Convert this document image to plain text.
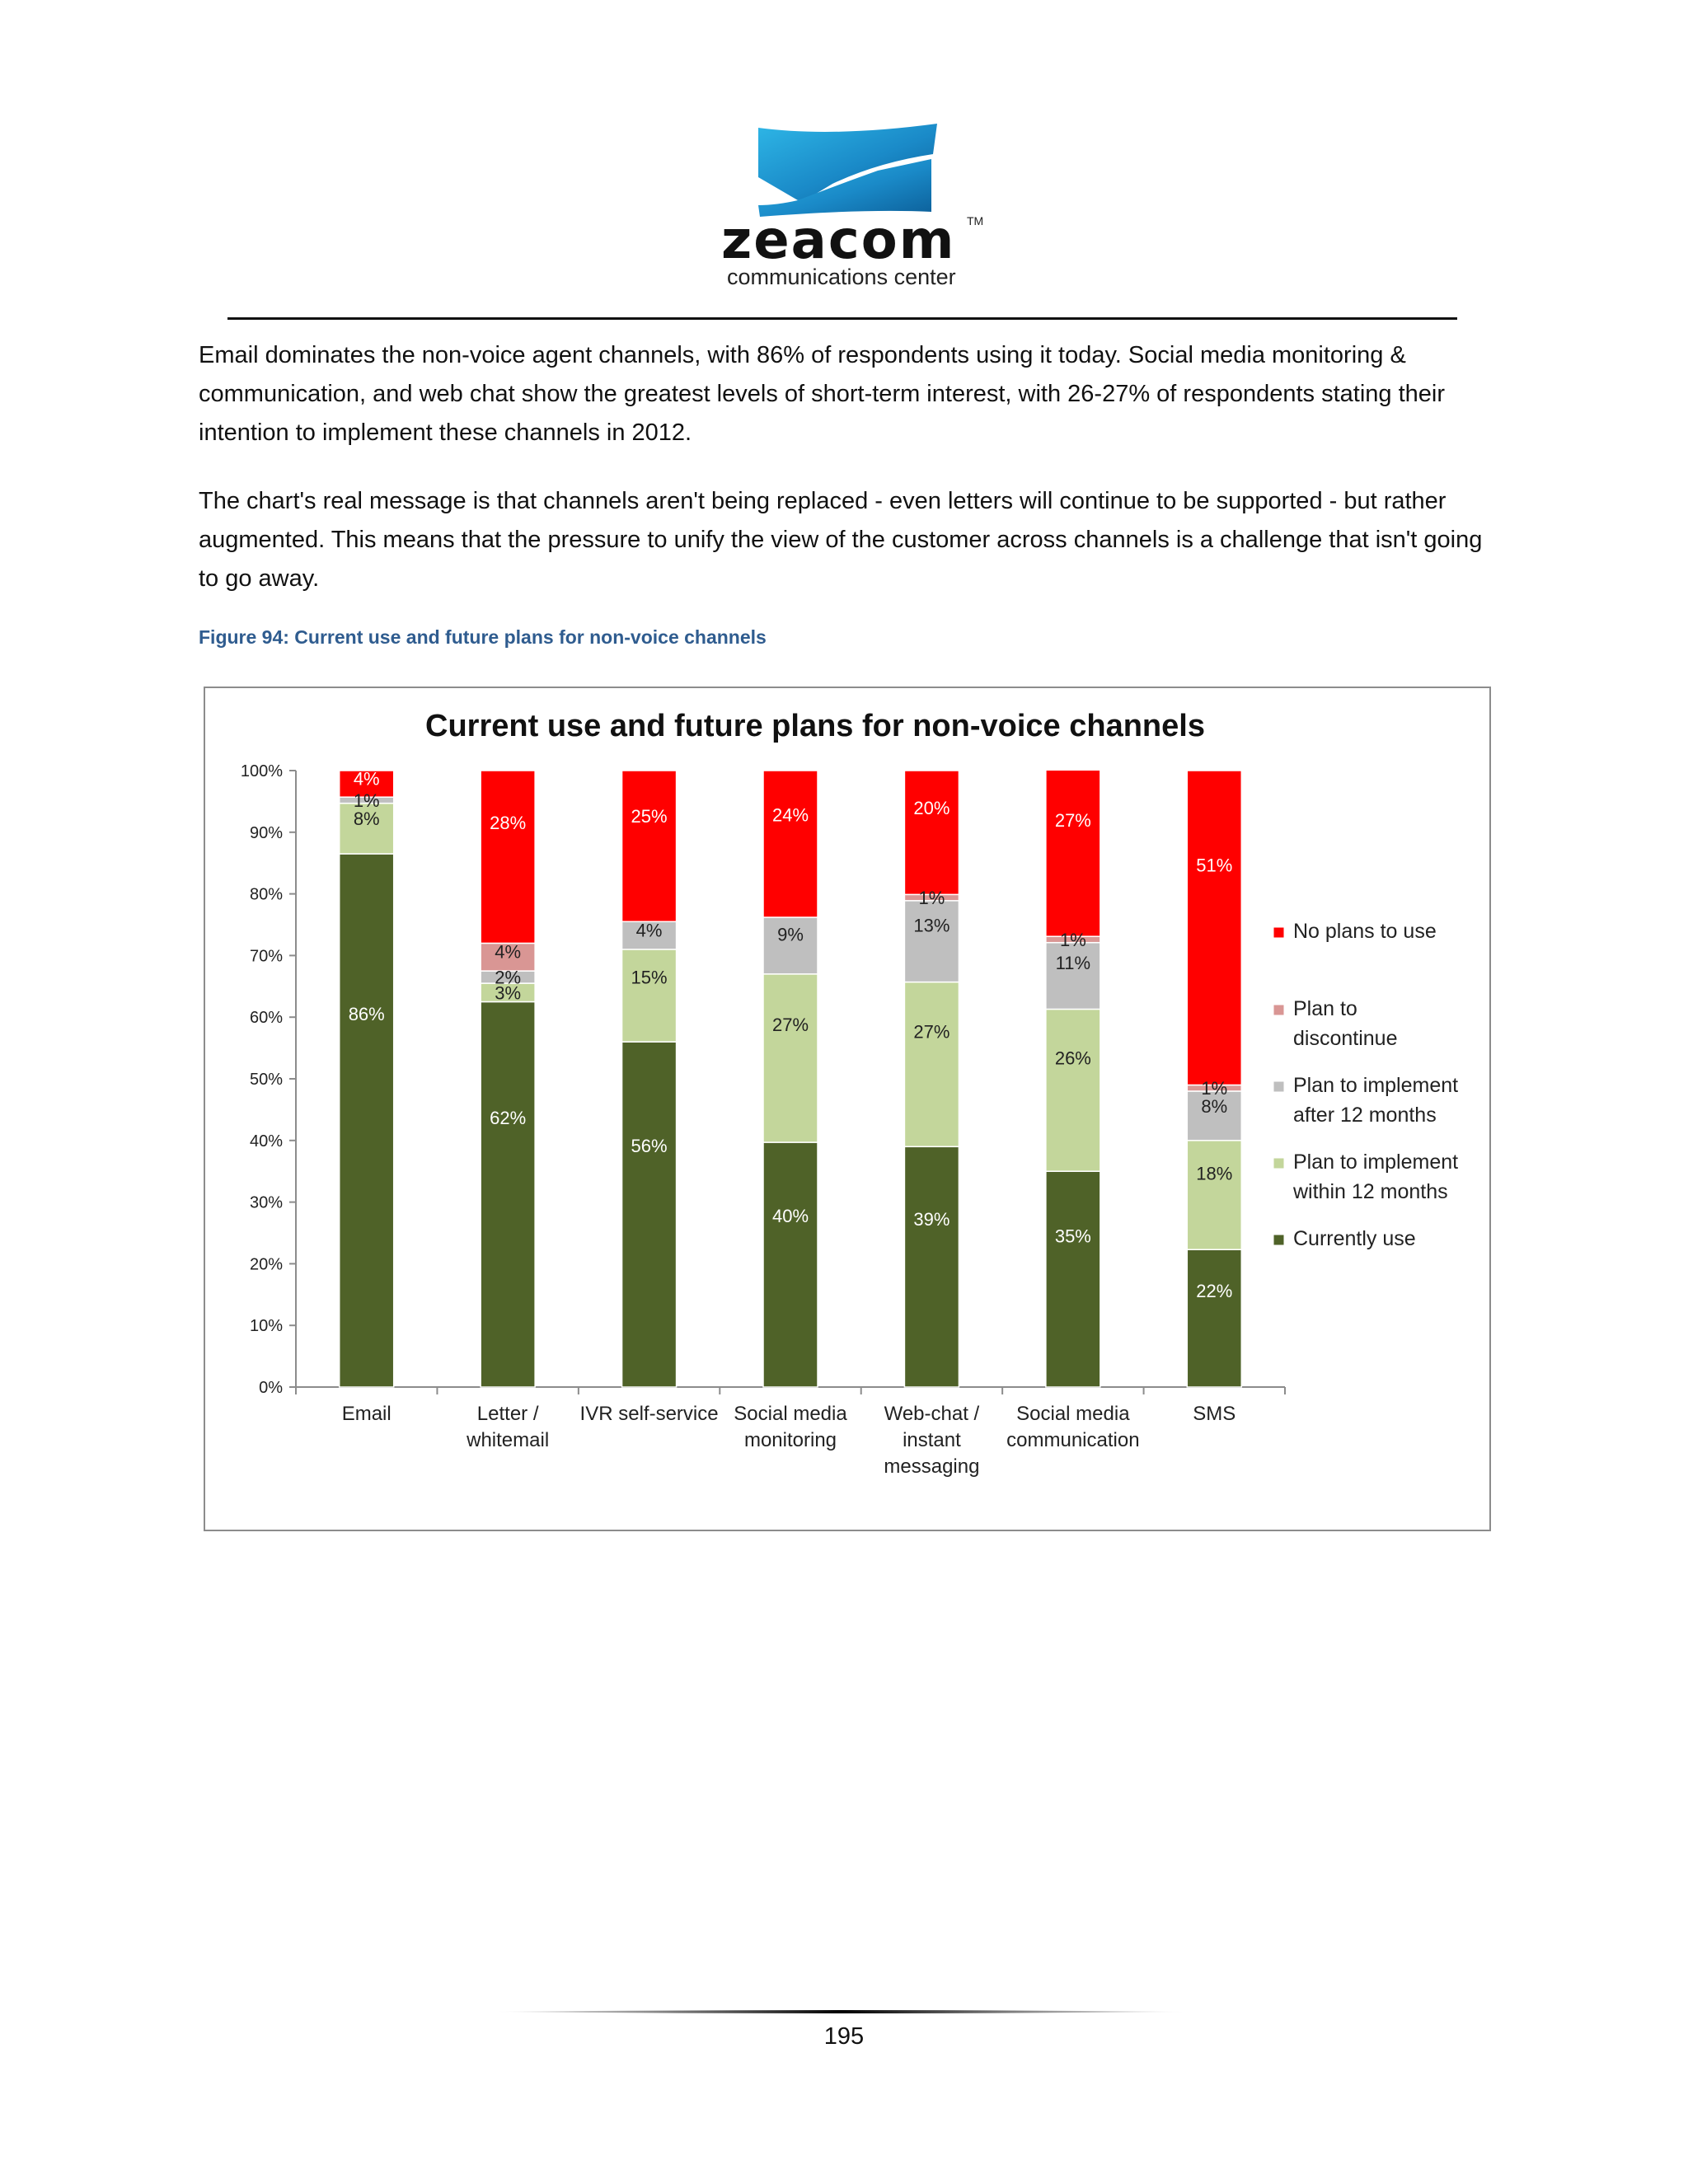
zeacom TM
communications center

Email dominates the non-voice agent channels, with 86% of respondents using it today. Social media monitoring & communication, and web chat show the greatest levels of short-term interest, with 26-27% of respondents stating their intention to implement these channels in 2012.

The chart's real message is that channels aren't being replaced - even letters will continue to be supported - but rather augmented. This means that the pressure to unify the view of the customer across channels is a challenge that isn't going to go away.

Figure 94: Current use and future plans for non-voice channels
Current use and future plans for non-voice channels
0%
10%
20%
30%
40%
50%
60%
70%
80%
90%
100%
86%
8%
1%
4%
Email
62%
3%
2%
4%
28%
Letter /
whitemail
56%
15%
4%
25%
IVR self-service
40%
27%
9%
24%
Social media
monitoring
39%
27%
13%
1%
20%
Web-chat /
instant
messaging
35%
26%
11%
1%
27%
Social media
communication
22%
18%
8%
1%
51%
SMS
No plans to use
Plan to
discontinue
Plan to implement
after 12 months
Plan to implement
within 12 months
Currently use
195
